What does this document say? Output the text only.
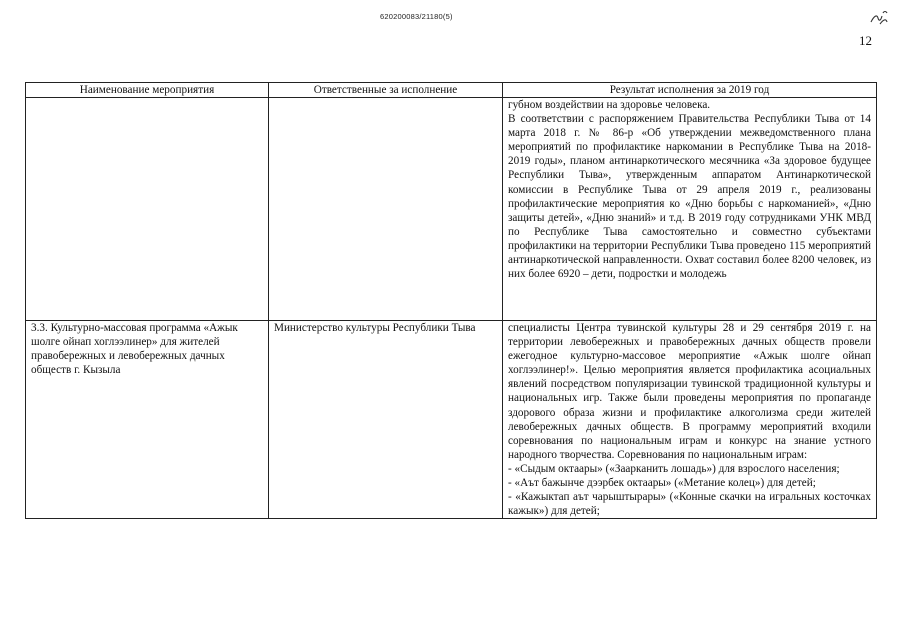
620200083/21180(5)
12
Наименование мероприятия	Ответственные за исполнение	Результат исполнения за 2019 год

		губном воздействии на здоровье человека.

В соответствии с распоряжением Правительства Республики Тыва от 14 марта 2018 г. № 86-р «Об утверждении межведомственного плана мероприятий по профилактике наркомании в Республике Тыва на 2018-2019 годы», планом антинаркотического месячника «За здоровое будущее Республики Тыва», утвержденным аппаратом Антинаркотической комиссии в Республике Тыва от 29 апреля 2019 г., реализованы профилактические мероприятия ко «Дню борьбы с наркоманией», «Дню защиты детей», «Дню знаний» и т.д. В 2019 году сотрудниками УНК МВД по Республике Тыва самостоятельно и совместно субъектами профилактики на территории Республики Тыва проведено 115 мероприятий антинаркотической направленности. Охват составил более 8200 человек, из них более 6920 – дети, подростки и молодежь

3.3. Культурно-массовая программа «Ажык шолге ойнап хоглээлинер» для жителей правобережных и левобережных дачных обществ г. Кызыла	Министерство культуры Республики Тыва	специалисты Центра тувинской культуры 28 и 29 сентября 2019 г. на территории левобережных и правобережных дачных обществ провели ежегодное культурно-массовое мероприятие «Ажык шолге ойнап хоглээлинер!». Целью мероприятия является профилактика асоциальных явлений посредством популяризации тувинской традиционной культуры и национальных игр. Также были проведены мероприятия по пропаганде здорового образа жизни и профилактике алкоголизма среди жителей левобережных дачных обществ. В программу мероприятий входили соревнования по национальным играм и конкурс на знание устного народного творчества. Соревнования по национальным играм:

- «Сыдым октаары» («Заарканить лошадь») для взрослого населения;

- «Аът бажынче дээрбек октаары» («Метание колец») для детей;

- «Кажыктап аът чарыштырары» («Конные скачки на игральных косточках кажык») для детей;
